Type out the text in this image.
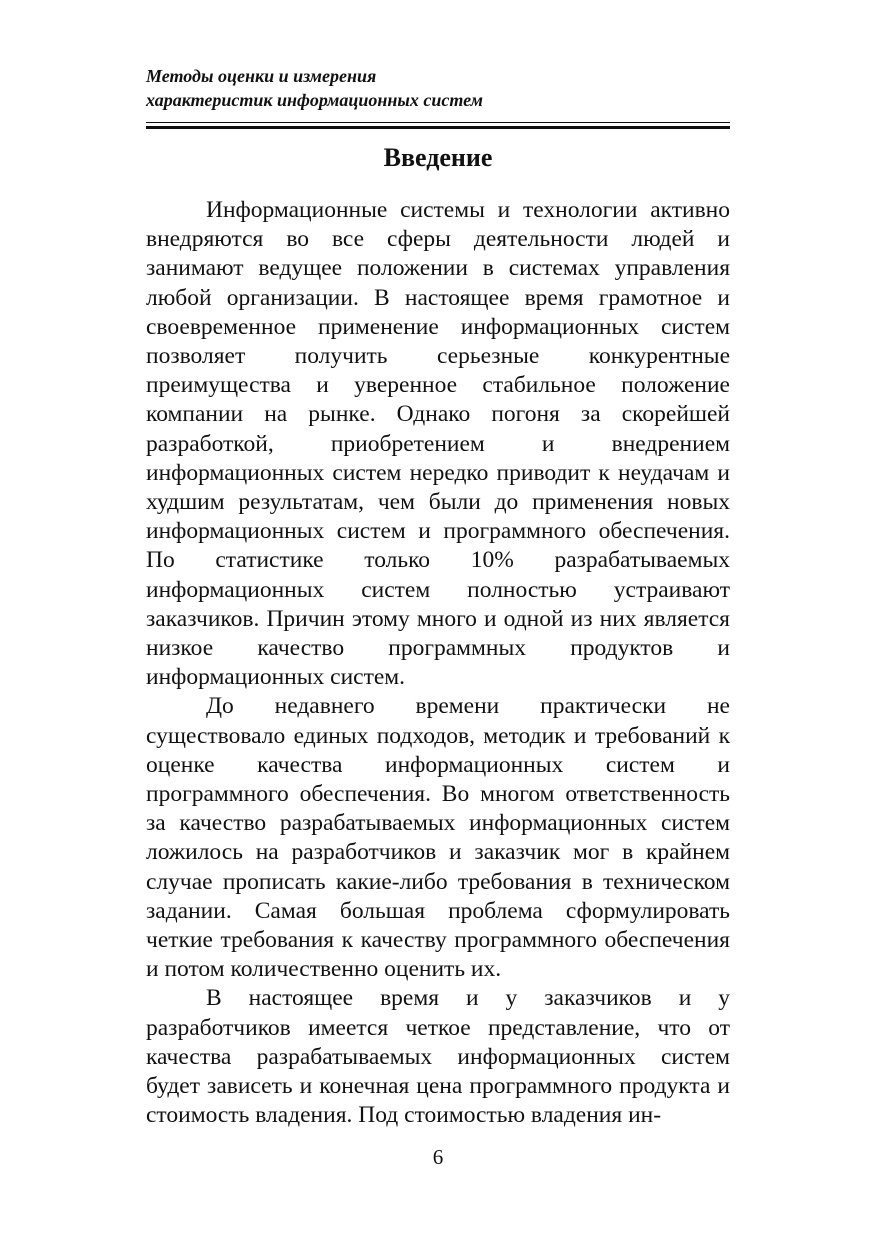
Методы оценки и измерения
характеристик информационных систем
Введение

Информационные системы и технологии активно внедряются во все сферы деятельности людей и занимают ведущее положении в системах управления любой организации. В настоящее время грамотное и своевременное применение информационных систем позволяет получить серьезные конкурентные преимущества и уверенное стабильное положение компании на рынке. Однако погоня за скорейшей разработкой, приобретением и внедрением информационных систем нередко приводит к неудачам и худшим результатам, чем были до применения новых информационных систем и программного обеспечения. По статистике только 10% разрабатываемых информационных систем полностью устраивают заказчиков. Причин этому много и одной из них является низкое качество программных продуктов и информационных систем.

До недавнего времени практически не существовало единых подходов, методик и требований к оценке качества информационных систем и программного обеспечения. Во многом ответственность за качество разрабатываемых информационных систем ложилось на разработчиков и заказчик мог в крайнем случае прописать какие-либо требования в техническом задании. Самая большая проблема сформулировать четкие требования к качеству программного обеспечения и потом количественно оценить их.

В настоящее время и у заказчиков и у разработчиков имеется четкое представление, что от качества разрабатываемых информационных систем будет зависеть и конечная цена программного продукта и стоимость владения. Под стоимостью владения ин-

6
